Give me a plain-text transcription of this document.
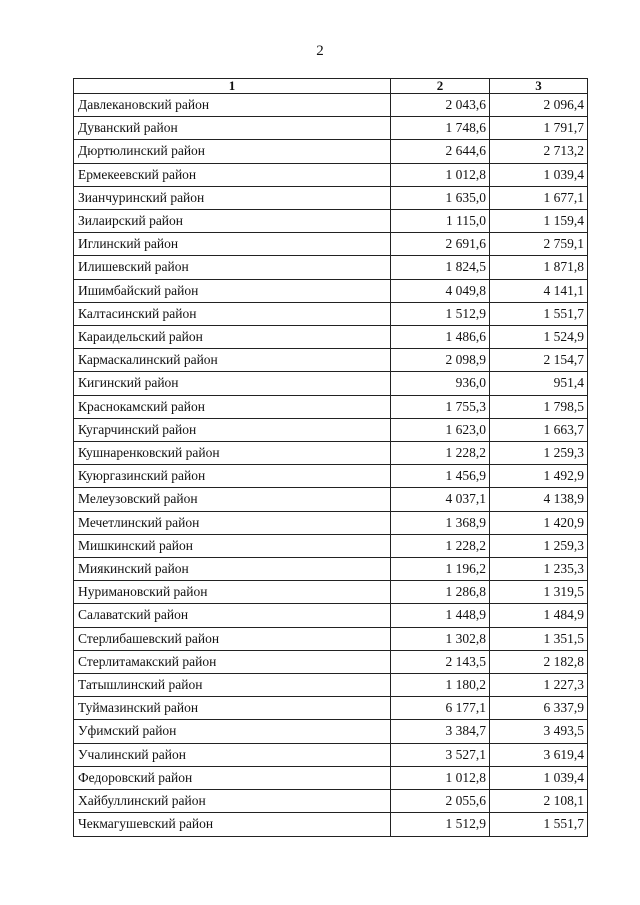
2
1	2	3
Давлекановский район	2 043,6	2 096,4
Дуванский район	1 748,6	1 791,7
Дюртюлинский район	2 644,6	2 713,2
Ермекеевский район	1 012,8	1 039,4
Зианчуринский район	1 635,0	1 677,1
Зилаирский район	1 115,0	1 159,4
Иглинский район	2 691,6	2 759,1
Илишевский район	1 824,5	1 871,8
Ишимбайский район	4 049,8	4 141,1
Калтасинский район	1 512,9	1 551,7
Караидельский район	1 486,6	1 524,9
Кармаскалинский район	2 098,9	2 154,7
Кигинский район	936,0	951,4
Краснокамский район	1 755,3	1 798,5
Кугарчинский район	1 623,0	1 663,7
Кушнаренковский район	1 228,2	1 259,3
Куюргазинский район	1 456,9	1 492,9
Мелеузовский район	4 037,1	4 138,9
Мечетлинский район	1 368,9	1 420,9
Мишкинский район	1 228,2	1 259,3
Миякинский район	1 196,2	1 235,3
Нуримановский район	1 286,8	1 319,5
Салаватский район	1 448,9	1 484,9
Стерлибашевский район	1 302,8	1 351,5
Стерлитамакский район	2 143,5	2 182,8
Татышлинский район	1 180,2	1 227,3
Туймазинский район	6 177,1	6 337,9
Уфимский район	3 384,7	3 493,5
Учалинский район	3 527,1	3 619,4
Федоровский район	1 012,8	1 039,4
Хайбуллинский район	2 055,6	2 108,1
Чекмагушевский район	1 512,9	1 551,7
